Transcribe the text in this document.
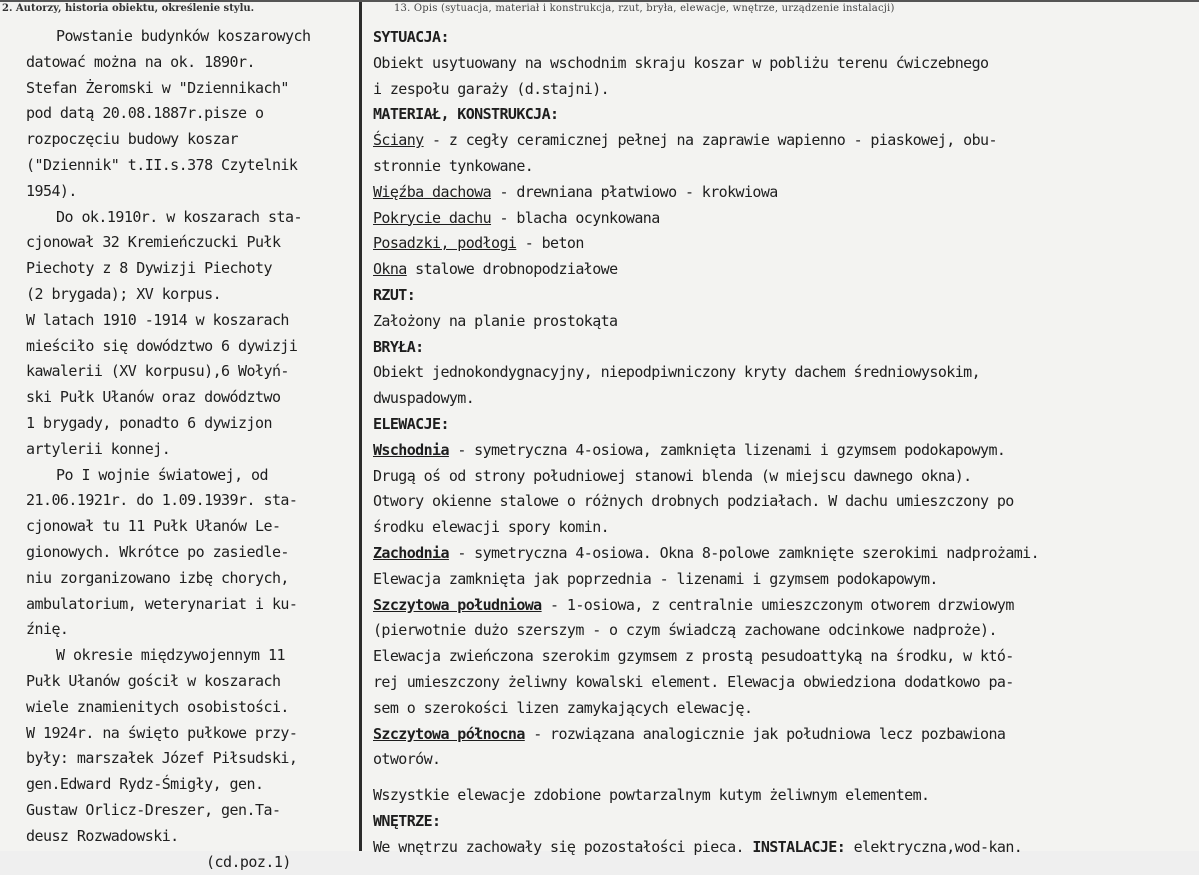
2. Autorzy, historia obiektu, określenie stylu.	13. Opis (sytuacja, materiał i konstrukcja, rzut, bryła, elewacje, wnętrze, urządzenie instalacji)
Powstanie budynków koszarowych
datować można na ok. 1890r.
Stefan Żeromski w "Dziennikach"
pod datą 20.08.1887r.pisze o
rozpoczęciu budowy koszar
("Dziennik" t.II.s.378 Czytelnik
1954).
Do ok.1910r. w koszarach sta-
cjonował 32 Kremieńczucki Pułk
Piechoty z 8 Dywizji Piechoty
(2 brygada); XV korpus.
W latach 1910 -1914 w koszarach
mieściło się dowództwo 6 dywizji
kawalerii (XV korpusu),6 Wołyń-
ski Pułk Ułanów oraz dowództwo
1 brygady, ponadto 6 dywizjon
artylerii konnej.
Po I wojnie światowej, od
21.06.1921r. do 1.09.1939r. sta-
cjonował tu 11 Pułk Ułanów Le-
gionowych. Wkrótce po zasiedle-
niu zorganizowano izbę chorych,
ambulatorium, weterynariat i ku-
źnię.
W okresie międzywojennym 11
Pułk Ułanów gościł w koszarach
wiele znamienitych osobistości.
W 1924r. na święto pułkowe przy-
były: marszałek Józef Piłsudski,
gen.Edward Rydz-Śmigły, gen.
Gustaw Orlicz-Dreszer, gen.Ta-
deusz Rozwadowski.
(cd.poz.1)
SYTUACJA:
Obiekt usytuowany na wschodnim skraju koszar w pobliżu terenu ćwiczebnego
i zespołu garaży (d.stajni).
MATERIAŁ, KONSTRUKCJA:
Ściany - z cegły ceramicznej pełnej na zaprawie wapienno - piaskowej, obu-
stronnie tynkowane.
Więźba dachowa - drewniana płatwiowo - krokwiowa
Pokrycie dachu - blacha ocynkowana
Posadzki, podłogi - beton
Okna stalowe drobnopodziałowe
RZUT:
Założony na planie prostokąta
BRYŁA:
Obiekt jednokondygnacyjny, niepodpiwniczony kryty dachem średniowysokim,
dwuspadowym.
ELEWACJE:
Wschodnia - symetryczna 4-osiowa, zamknięta lizenami i gzymsem podokapowym.
Drugą oś od strony południowej stanowi blenda (w miejscu dawnego okna).
Otwory okienne stalowe o różnych drobnych podziałach. W dachu umieszczony po
środku elewacji spory komin.
Zachodnia - symetryczna 4-osiowa. Okna 8-polowe zamknięte szerokimi nadprożami.
Elewacja zamknięta jak poprzednia - lizenami i gzymsem podokapowym.
Szczytowa południowa - 1-osiowa, z centralnie umieszczonym otworem drzwiowym
(pierwotnie dużo szerszym - o czym świadczą zachowane odcinkowe nadproże).
Elewacja zwieńczona szerokim gzymsem z prostą pesudoattyką na środku, w któ-
rej umieszczony żeliwny kowalski element. Elewacja obwiedziona dodatkowo pa-
sem o szerokości lizen zamykających elewację.
Szczytowa północna - rozwiązana analogicznie jak południowa lecz pozbawiona
otworów.
Wszystkie elewacje zdobione powtarzalnym kutym żeliwnym elementem.
WNĘTRZE:
We wnętrzu zachowały się pozostałości pieca. INSTALACJE: elektryczna,wod-kan.
